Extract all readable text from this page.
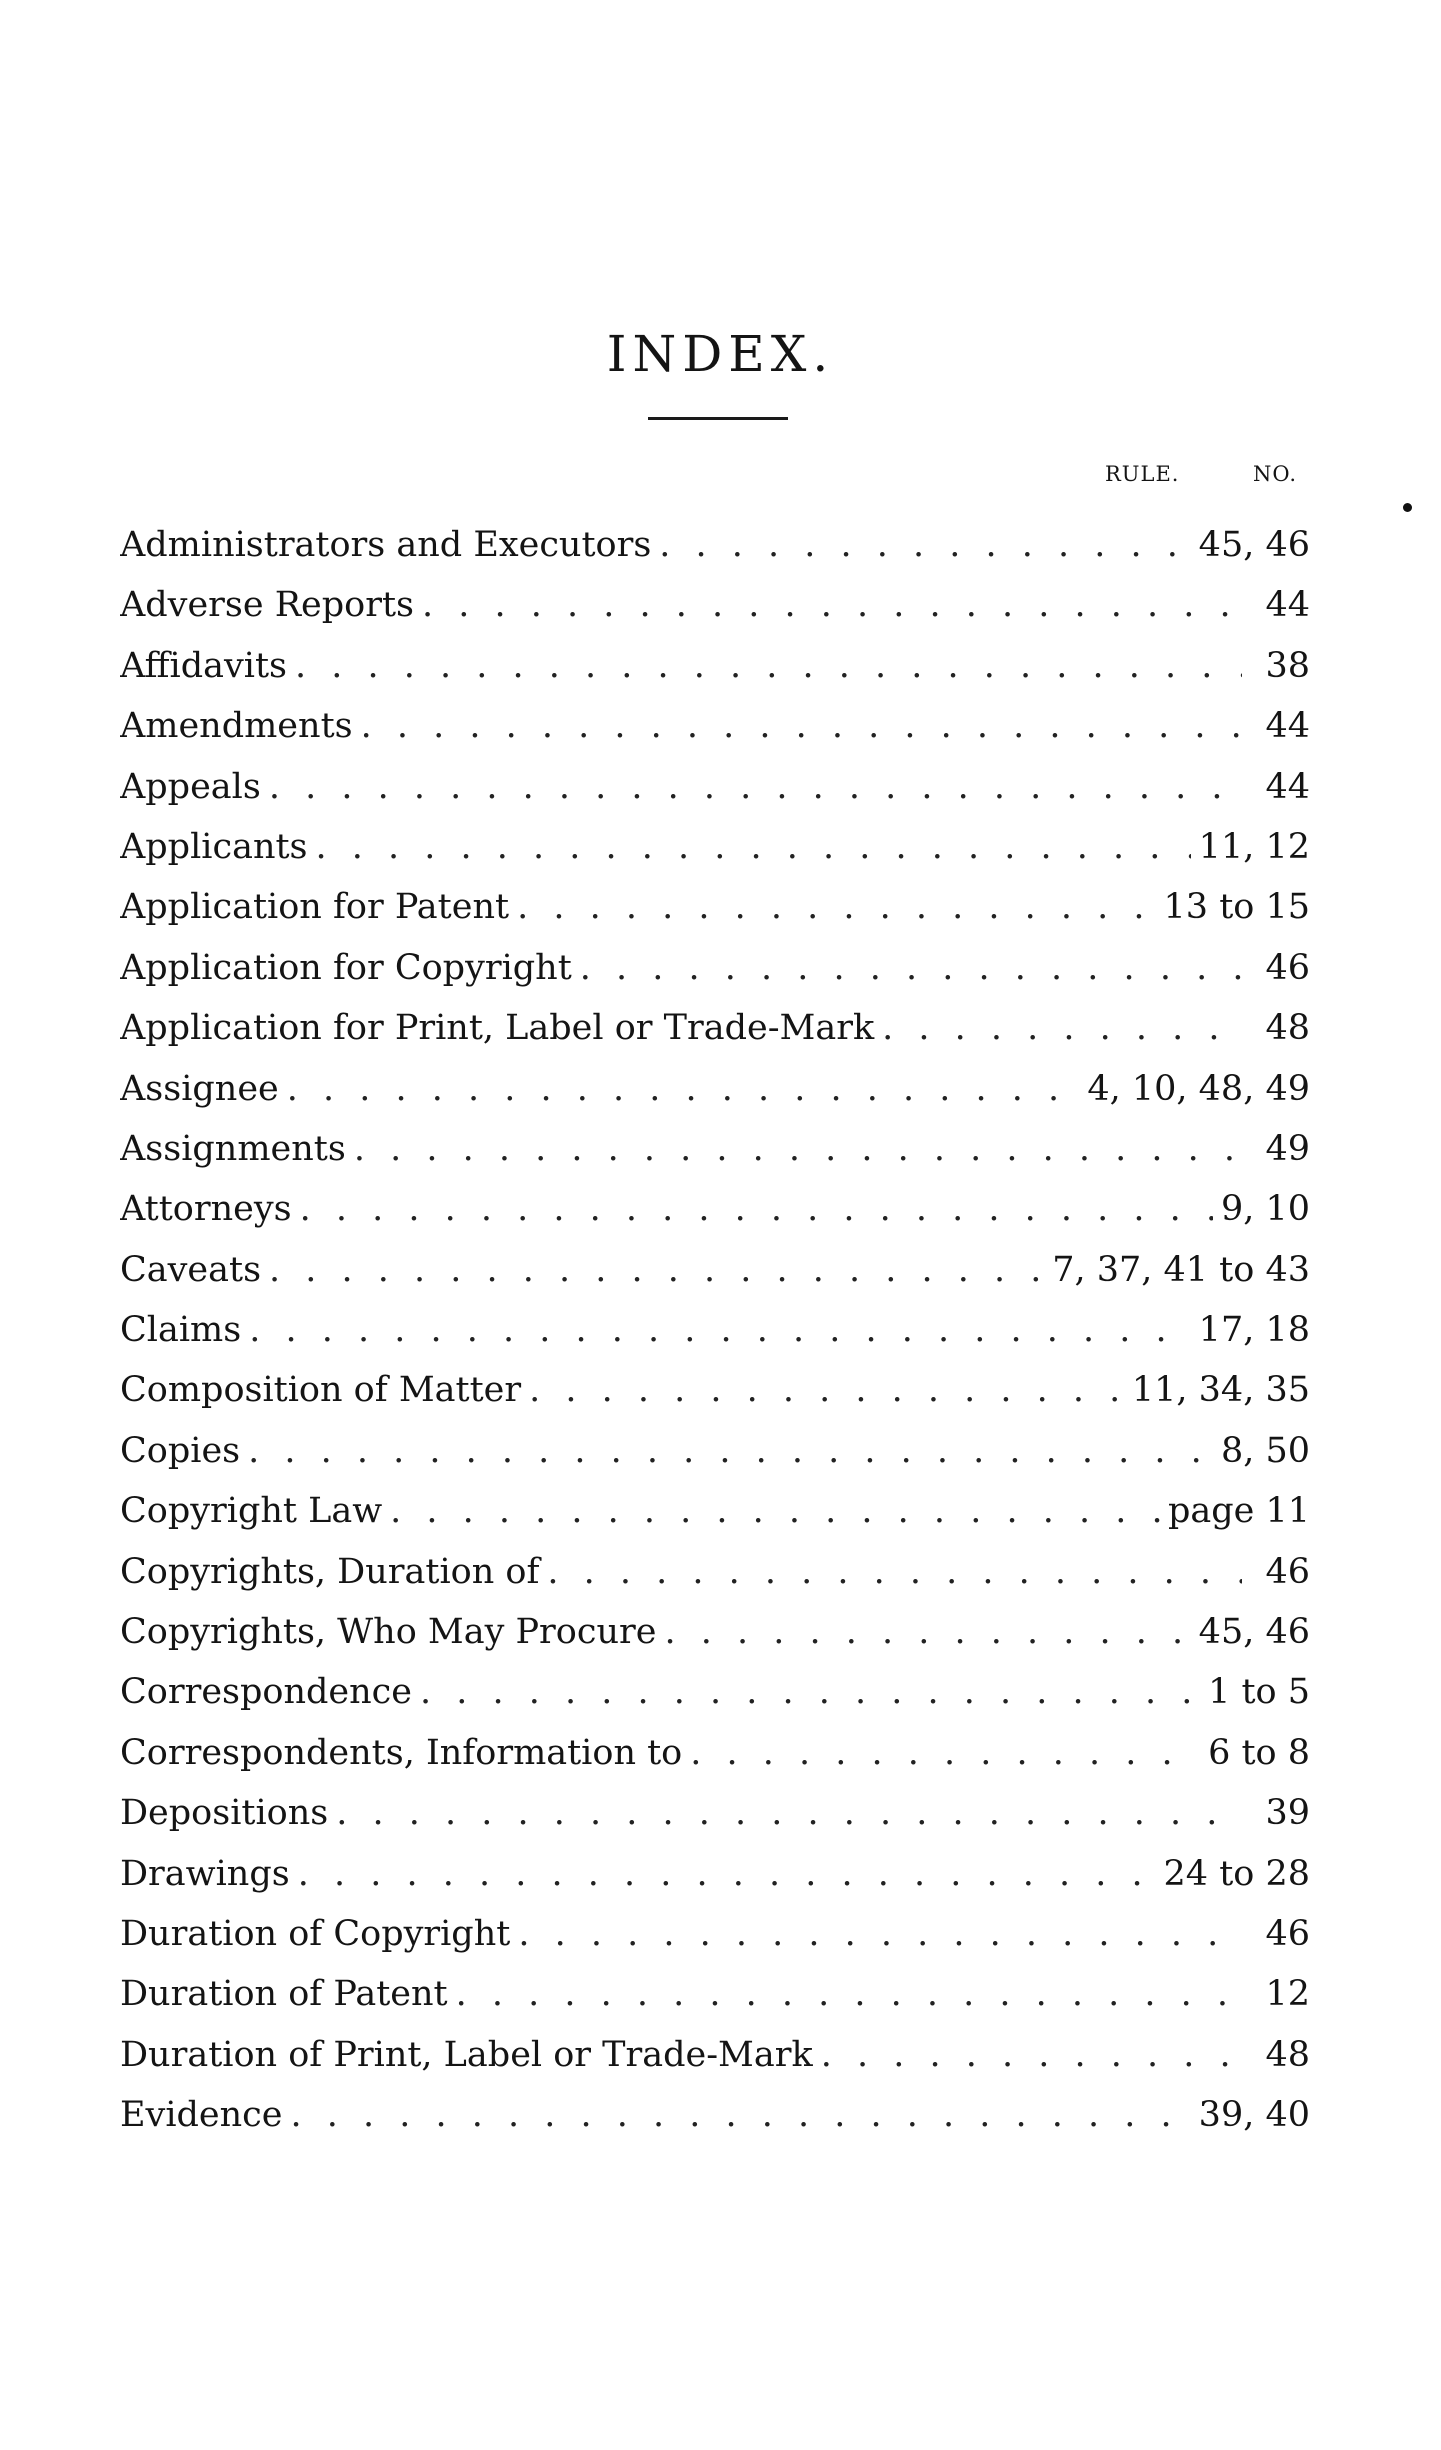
INDEX.
RULE.	NO.
Administrators and Executors . . .	45, 46
Adverse Reports . . .	44
Affidavits . . .	38
Amendments . . .	44
Appeals . . .	44
Applicants . . .	11, 12
Application for Patent . . .	13 to 15
Application for Copyright . . .	46
Application for Print, Label or Trade-Mark . . .	48
Assignee . . .	4, 10, 48, 49
Assignments . . .	49
Attorneys . . .	9, 10
Caveats . . .	7, 37, 41 to 43
Claims . . .	17, 18
Composition of Matter . . .	11, 34, 35
Copies . . .	8, 50
Copyright Law . . .	page 11
Copyrights, Duration of . . .	46
Copyrights, Who May Procure . . .	45, 46
Correspondence . . .	1 to 5
Correspondents, Information to . . .	6 to 8
Depositions . . .	39
Drawings . . .	24 to 28
Duration of Copyright . . .	46
Duration of Patent . . .	12
Duration of Print, Label or Trade-Mark . . .	48
Evidence . . .	39, 40
